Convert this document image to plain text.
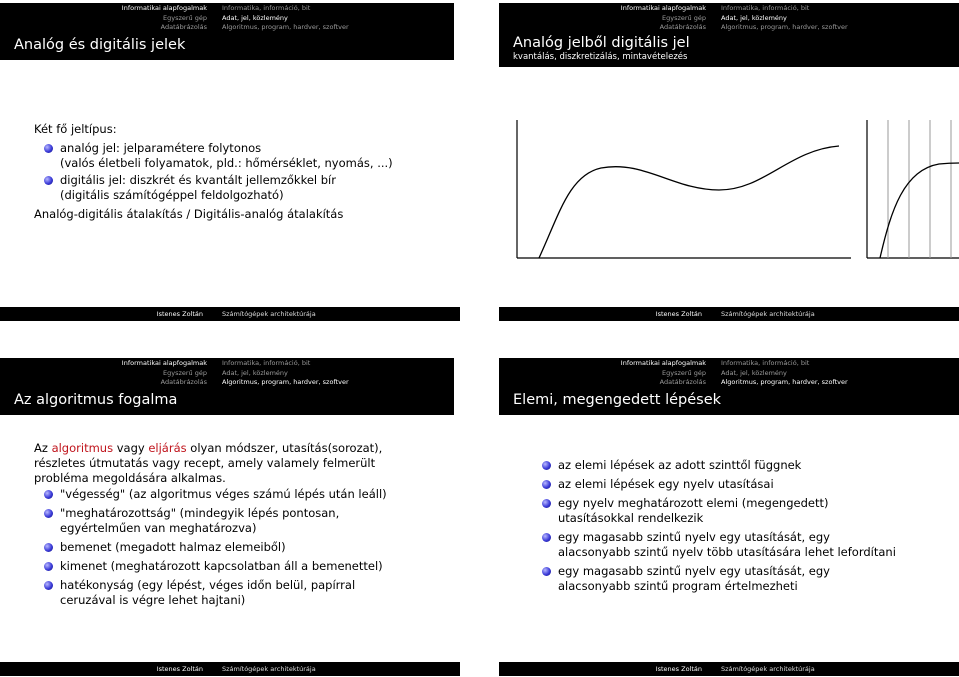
Informatikai alapfogalmak
Egyszerű gép
Adatábrázolás
Informatika, információ, bit
Adat, jel, közlemény
Algoritmus, program, hardver, szoftver
Analóg és digitális jelek

Két fő jeltípus:

analóg jel: jelparamétere folytonos
(valós életbeli folyamatok, pld.: hőmérséklet, nyomás, ...)
digitális jel: diszkrét és kvantált jellemzőkkel bír
(digitális számítógéppel feldolgozható)

Analóg-digitális átalakítás / Digitális-analóg átalakítás

Istenes Zoltán	Számítógépek architektúrája
Informatikai alapfogalmak
Egyszerű gép
Adatábrázolás
Informatika, információ, bit
Adat, jel, közlemény
Algoritmus, program, hardver, szoftver
Analóg jelből digitális jel
kvantálás, diszkretizálás, mintavételezés
Istenes Zoltán	Számítógépek architektúrája
Informatikai alapfogalmak
Egyszerű gép
Adatábrázolás
Informatika, információ, bit
Adat, jel, közlemény
Algoritmus, program, hardver, szoftver
Az algoritmus fogalma

Az algoritmus vagy eljárás olyan módszer, utasítás(sorozat),

részletes útmutatás vagy recept, amely valamely felmerült

probléma megoldására alkalmas.

"végesség" (az algoritmus véges számú lépés után leáll)
"meghatározottság" (mindegyik lépés pontosan,
egyértelműen van meghatározva)
bemenet (megadott halmaz elemeiből)
kimenet (meghatározott kapcsolatban áll a bemenettel)
hatékonyság (egy lépést, véges időn belül, papírral
ceruzával is végre lehet hajtani)
Istenes Zoltán	Számítógépek architektúrája
Informatikai alapfogalmak
Egyszerű gép
Adatábrázolás
Informatika, információ, bit
Adat, jel, közlemény
Algoritmus, program, hardver, szoftver
Elemi, megengedett lépések
az elemi lépések az adott szinttől függnek
az elemi lépések egy nyelv utasításai
egy nyelv meghatározott elemi (megengedett)
utasításokkal rendelkezik
egy magasabb szintű nyelv egy utasítását, egy
alacsonyabb szintű nyelv több utasítására lehet lefordítani
egy magasabb szintű nyelv egy utasítását, egy
alacsonyabb szintű program értelmezheti
Istenes Zoltán	Számítógépek architektúrája
